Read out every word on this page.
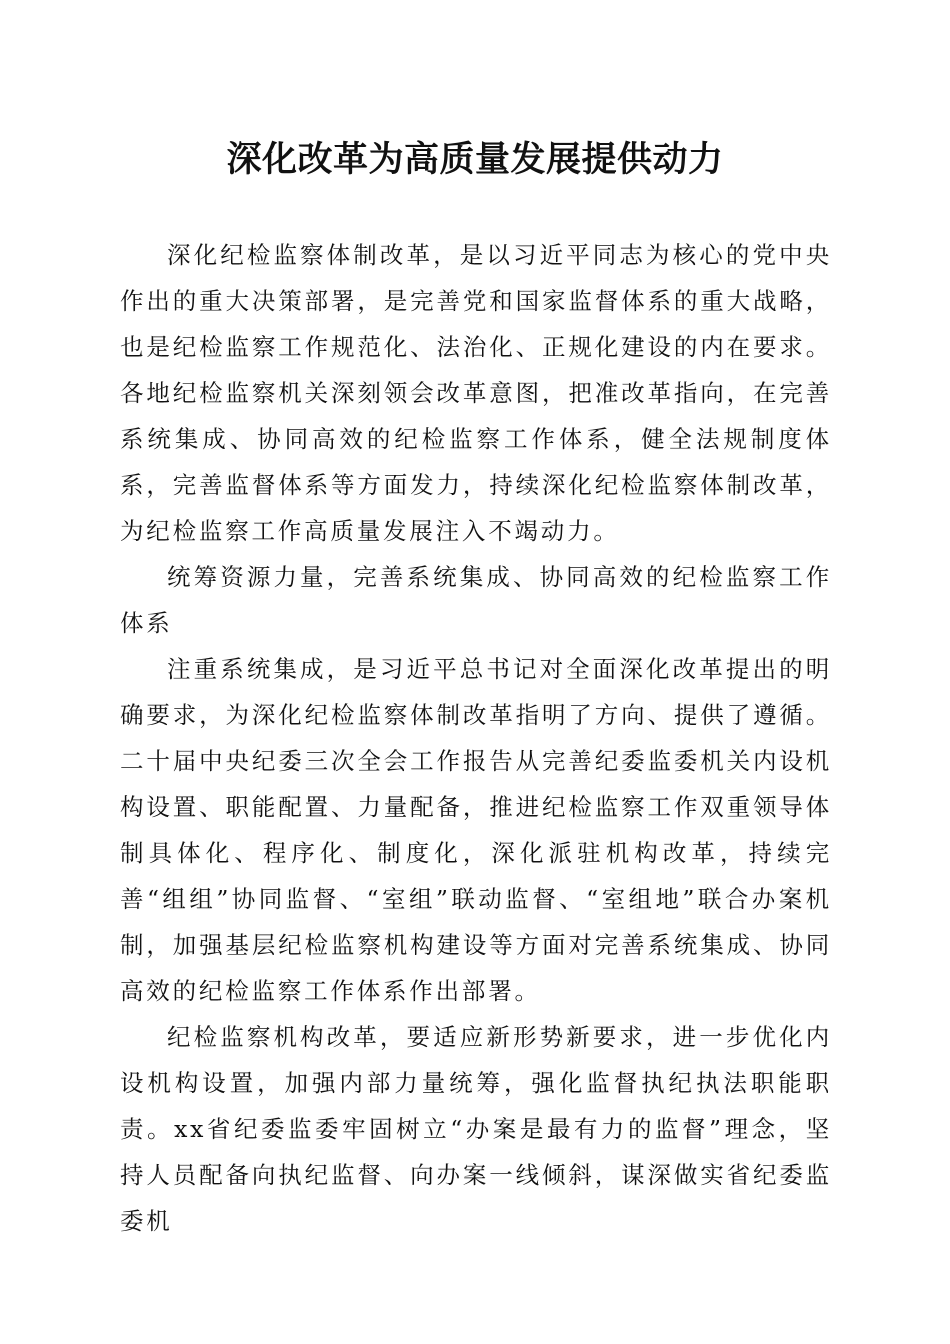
深化改革为高质量发展提供动力

深化纪检监察体制改革，是以习近平同志为核心的党中央作出的重大决策部署，是完善党和国家监督体系的重大战略，也是纪检监察工作规范化、法治化、正规化建设的内在要求。各地纪检监察机关深刻领会改革意图，把准改革指向，在完善系统集成、协同高效的纪检监察工作体系，健全法规制度体系，完善监督体系等方面发力，持续深化纪检监察体制改革，为纪检监察工作高质量发展注入不竭动力。

统筹资源力量，完善系统集成、协同高效的纪检监察工作体系

注重系统集成，是习近平总书记对全面深化改革提出的明确要求，为深化纪检监察体制改革指明了方向、提供了遵循。二十届中央纪委三次全会工作报告从完善纪委监委机关内设机构设置、职能配置、力量配备，推进纪检监察工作双重领导体制具体化、程序化、制度化，深化派驻机构改革，持续完善“组组”协同监督、“室组”联动监督、“室组地”联合办案机制，加强基层纪检监察机构建设等方面对完善系统集成、协同高效的纪检监察工作体系作出部署。

纪检监察机构改革，要适应新形势新要求，进一步优化内设机构设置，加强内部力量统筹，强化监督执纪执法职能职责。xx省纪委监委牢固树立“办案是最有力的监督”理念，坚持人员配备向执纪监督、向办案一线倾斜，谋深做实省纪委监委机
